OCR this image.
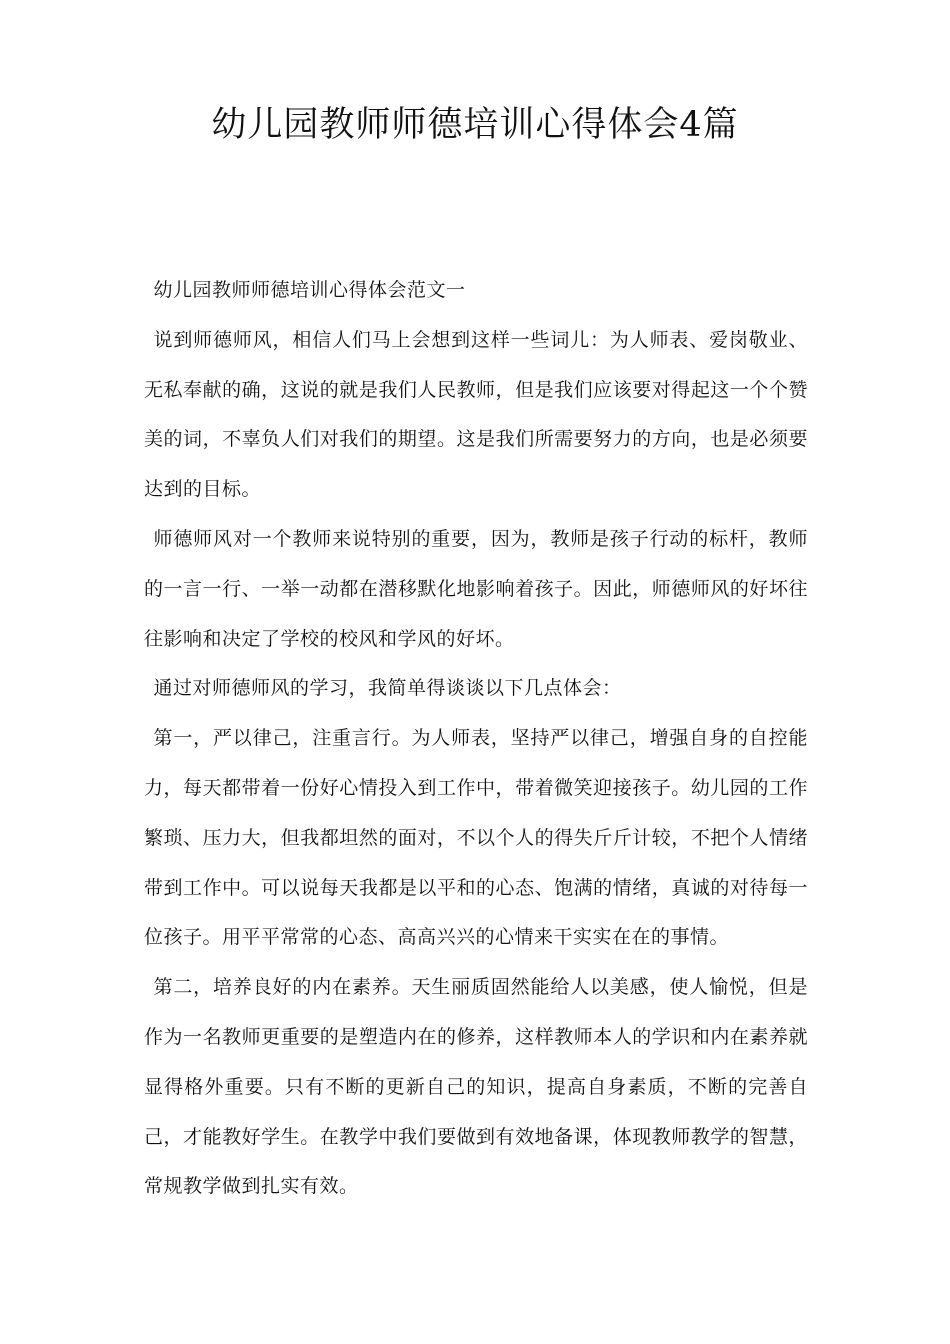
幼儿园教师师德培训心得体会4篇

幼儿园教师师德培训心得体会范文一

说到师德师风，相信人们马上会想到这样一些词儿：为人师表、爱岗敬业、无私奉献的确，这说的就是我们人民教师，但是我们应该要对得起这一个个赞美的词，不辜负人们对我们的期望。这是我们所需要努力的方向，也是必须要达到的目标。

师德师风对一个教师来说特别的重要，因为，教师是孩子行动的标杆，教师的一言一行、一举一动都在潜移默化地影响着孩子。因此，师德师风的好坏往往影响和决定了学校的校风和学风的好坏。

通过对师德师风的学习，我简单得谈谈以下几点体会：

第一，严以律己，注重言行。为人师表，坚持严以律己，增强自身的自控能力，每天都带着一份好心情投入到工作中，带着微笑迎接孩子。幼儿园的工作繁琐、压力大，但我都坦然的面对，不以个人的得失斤斤计较，不把个人情绪带到工作中。可以说每天我都是以平和的心态、饱满的情绪，真诚的对待每一位孩子。用平平常常的心态、高高兴兴的心情来干实实在在的事情。

第二，培养良好的内在素养。天生丽质固然能给人以美感，使人愉悦，但是作为一名教师更重要的是塑造内在的修养，这样教师本人的学识和内在素养就显得格外重要。只有不断的更新自己的知识，提高自身素质，不断的完善自己，才能教好学生。在教学中我们要做到有效地备课，体现教师教学的智慧，常规教学做到扎实有效。
